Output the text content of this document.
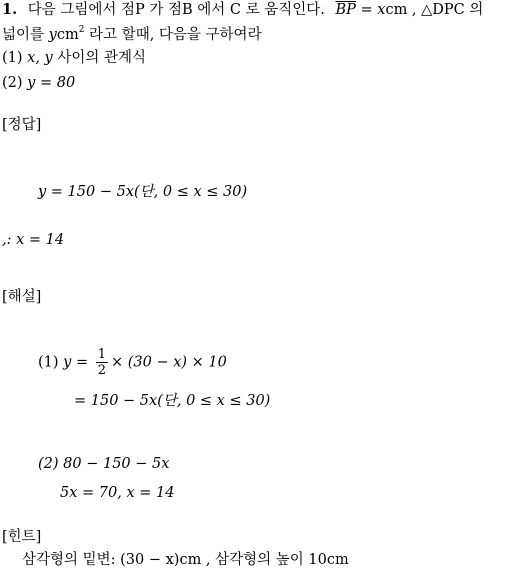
1. 다음 그림에서 점P 가 점B 에서 C 로 움직인다. $\overline{BP}$ = xcm , △DPC 의
넓이를 ycm$^2$ 라고 할때, 다음을 구하여라
(1) x, y 사이의 관계식
(2) y = 80
[정답]
y = 150 − 5x(단, 0 ≤ x ≤ 30)
,: x = 14
[해설]
(1) $y = \frac{1}{2} \times (30 - x) \times 10$
= 150 − 5x(단, 0 ≤ x ≤ 30)
(2) 80 − 150 − 5x
5x = 70, x = 14
[힌트]
삼각형의 밑변: (30 − x)cm , 삼각형의 높이 10cm
